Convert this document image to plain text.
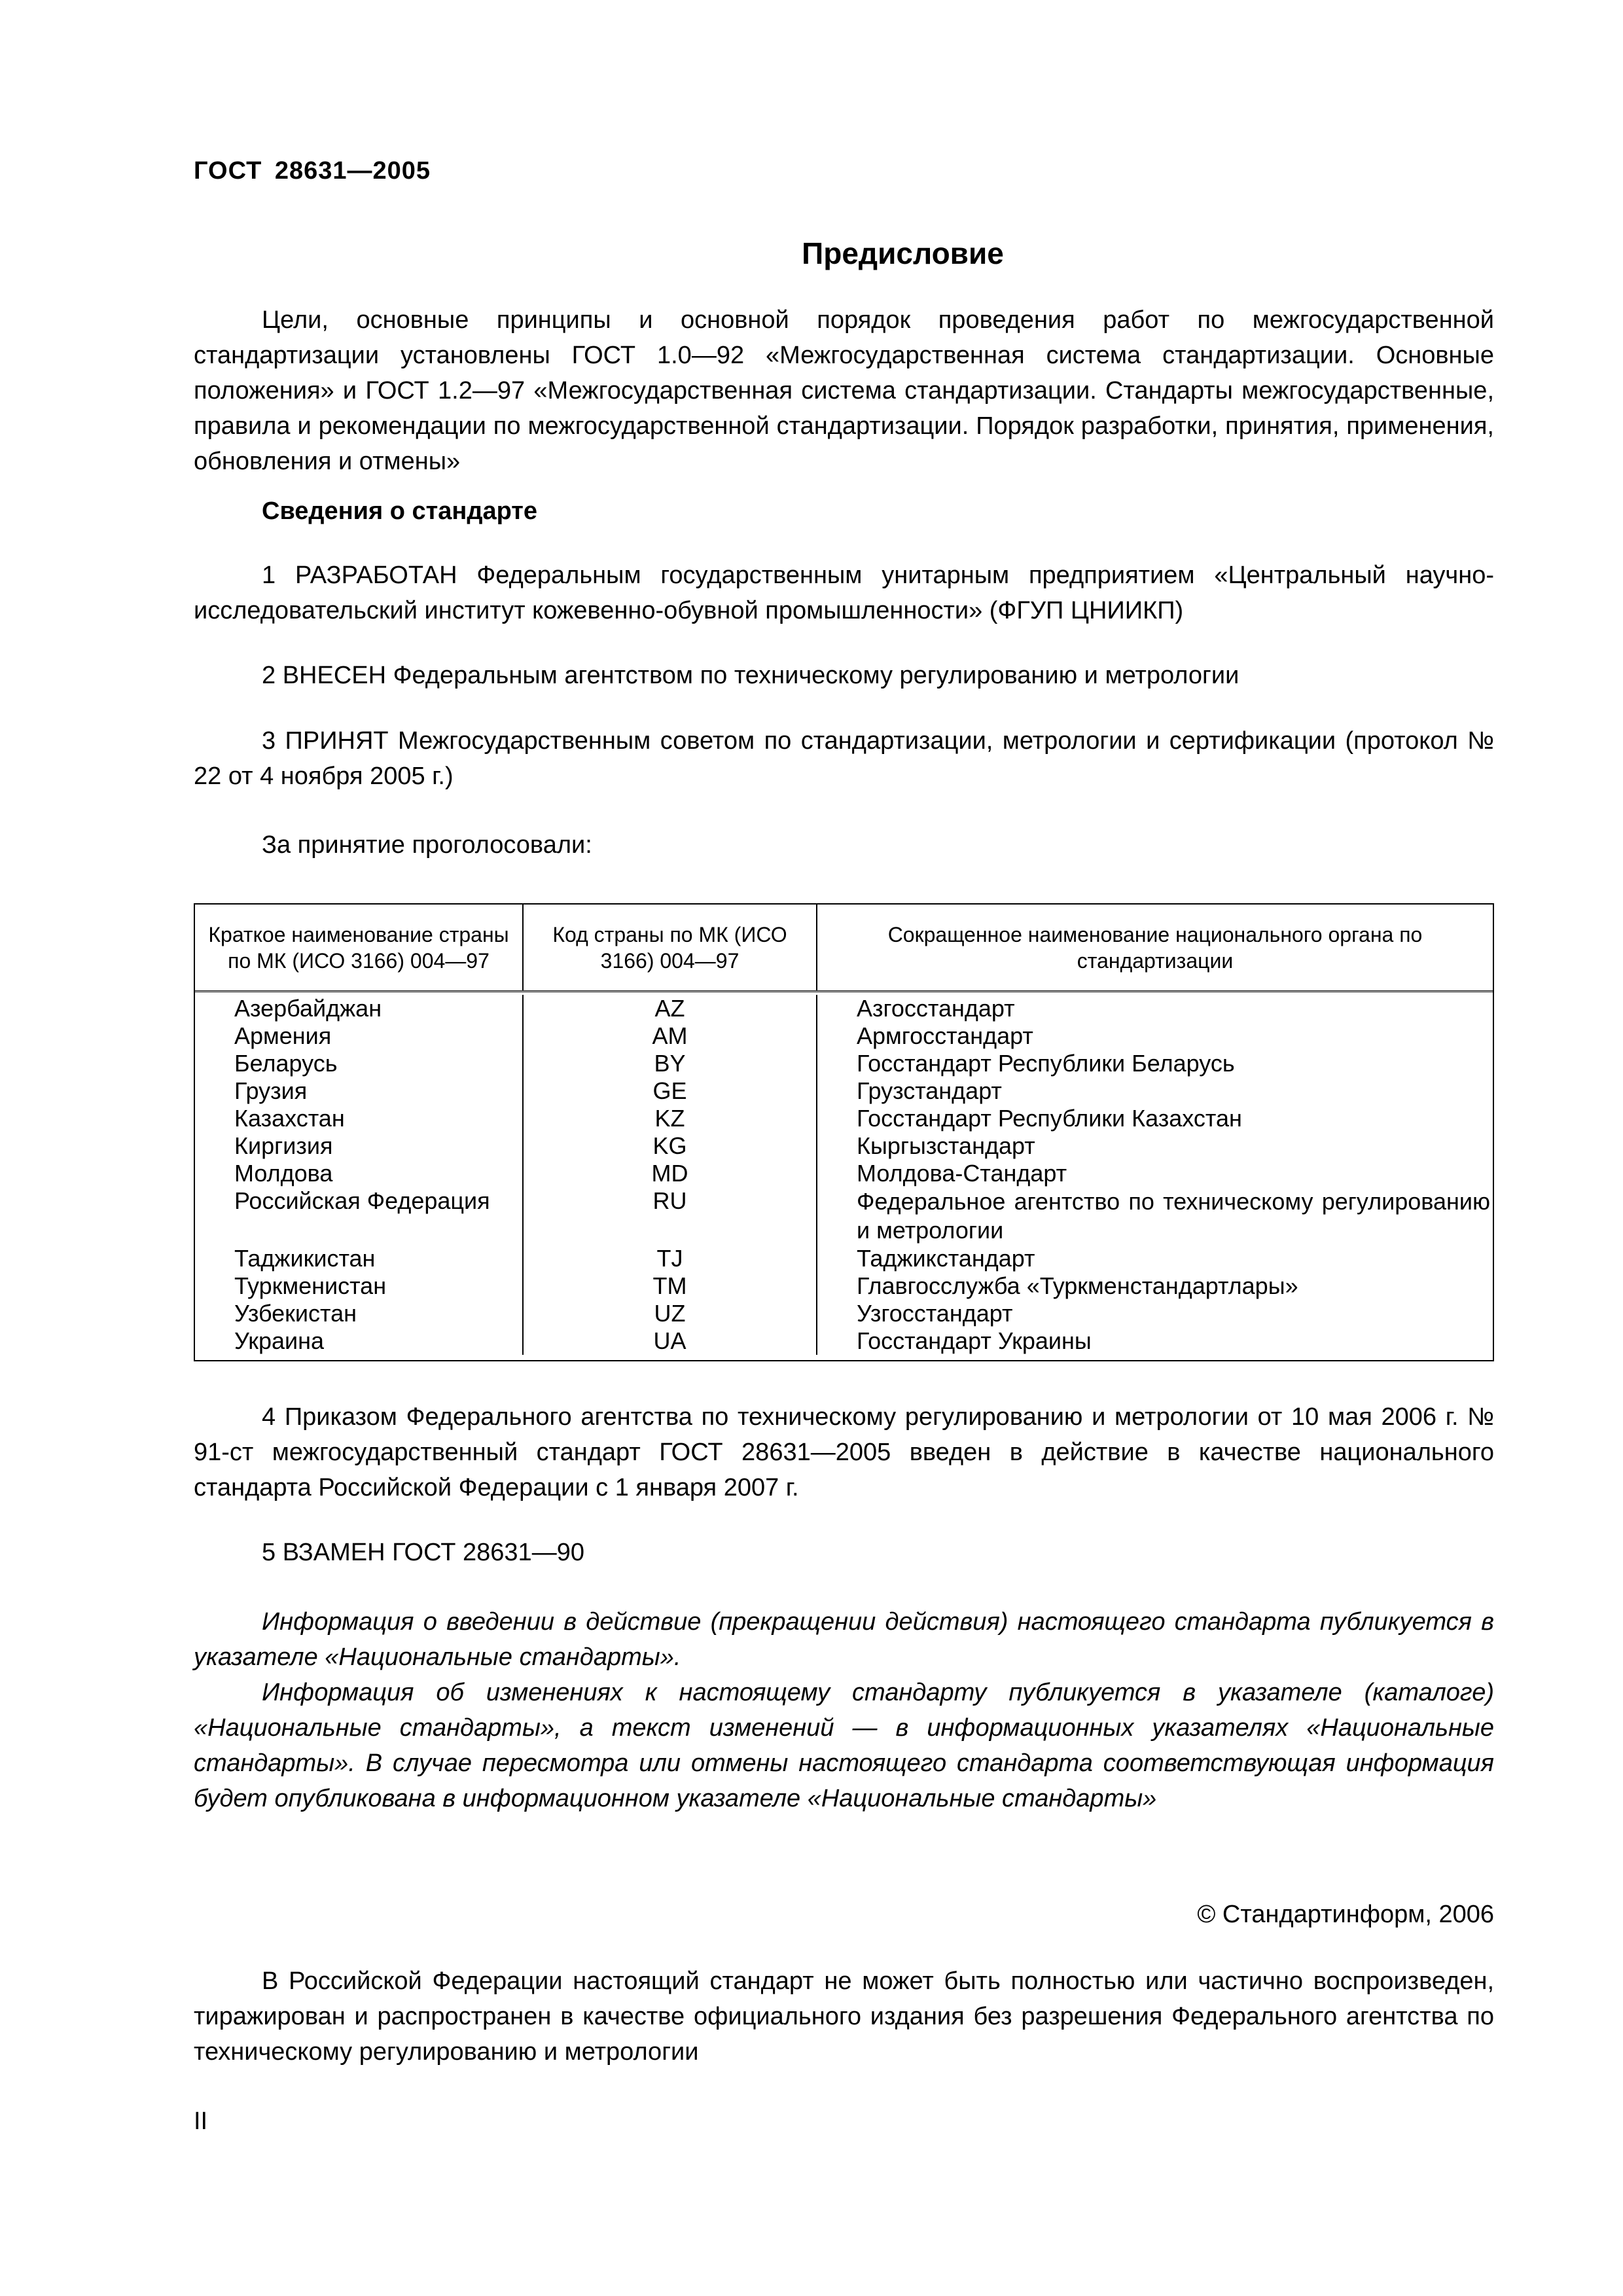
ГОСТ 28631—2005
Предисловие

Цели, основные принципы и основной порядок проведения работ по межгосударственной стандартизации установлены ГОСТ 1.0—92 «Межгосударственная система стандартизации. Основные положения» и ГОСТ 1.2—97 «Межгосударственная система стандартизации. Стандарты межгосударственные, правила и рекомендации по межгосударственной стандартизации. Порядок разработки, принятия, применения, обновления и отмены»

Сведения о стандарте

1 РАЗРАБОТАН Федеральным государственным унитарным предприятием «Центральный научно-исследовательский институт кожевенно-обувной промышленности» (ФГУП ЦНИИКП)

2 ВНЕСЕН Федеральным агентством по техническому регулированию и метрологии

3 ПРИНЯТ Межгосударственным советом по стандартизации, метрологии и сертификации (протокол № 22 от 4 ноября 2005 г.)

За принятие проголосовали:
Краткое наименование страны по МК (ИСО 3166) 004—97
Код страны по МК (ИСО 3166) 004—97
Сокращенное наименование национального органа по стандартизации
Азербайджан
Армения
Беларусь
Грузия
Казахстан
Киргизия
Молдова
Российская Федерация
Таджикистан
Туркменистан
Узбекистан
Украина
AZ
AM
BY
GE
KZ
KG
MD
RU
TJ
TM
UZ
UA
Азгосстандарт
Армгосстандарт
Госстандарт Республики Беларусь
Грузстандарт
Госстандарт Республики Казахстан
Кыргызстандарт
Молдова-Стандарт
Федеральное агентство по техническому регулированию и метрологии
Таджикстандарт
Главгосслужба «Туркменстандартлары»
Узгосстандарт
Госстандарт Украины

4 Приказом Федерального агентства по техническому регулированию и метрологии от 10 мая 2006 г. № 91-ст межгосударственный стандарт ГОСТ 28631—2005 введен в действие в качестве национального стандарта Российской Федерации с 1 января 2007 г.

5 ВЗАМЕН ГОСТ 28631—90

Информация о введении в действие (прекращении действия) настоящего стандарта публикуется в указателе «Национальные стандарты».

Информация об изменениях к настоящему стандарту публикуется в указателе (каталоге) «Национальные стандарты», а текст изменений — в информационных указателях «Национальные стандарты». В случае пересмотра или отмены настоящего стандарта соответствующая информация будет опубликована в информационном указателе «Национальные стандарты»

© Стандартинформ, 2006

В Российской Федерации настоящий стандарт не может быть полностью или частично воспроизведен, тиражирован и распространен в качестве официального издания без разрешения Федерального агентства по техническому регулированию и метрологии

II
